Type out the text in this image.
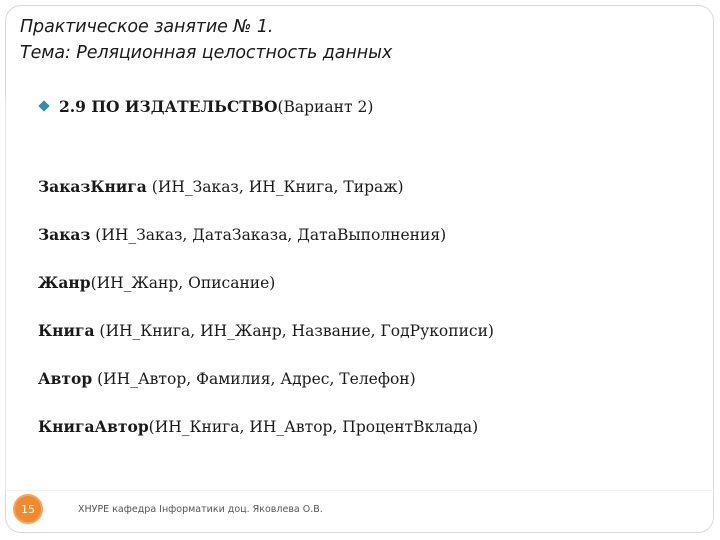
Практическое занятие № 1.
Тема: Реляционная целостность данных
2.9 ПО ИЗДАТЕЛЬСТВО (Вариант 2)
ЗаказКнига (ИН_Заказ, ИН_Книга, Тираж)
Заказ (ИН_Заказ, ДатаЗаказа, ДатаВыполнения)
Жанр(ИН_Жанр, Описание)
Книга (ИН_Книга, ИН_Жанр, Название, ГодРукописи)
Автор (ИН_Автор, Фамилия, Адрес, Телефон)
КнигаАвтор(ИН_Книга, ИН_Автор, ПроцентВклада)
15	ХНУРЕ кафедра Інформатики доц. Яковлева О.В.
